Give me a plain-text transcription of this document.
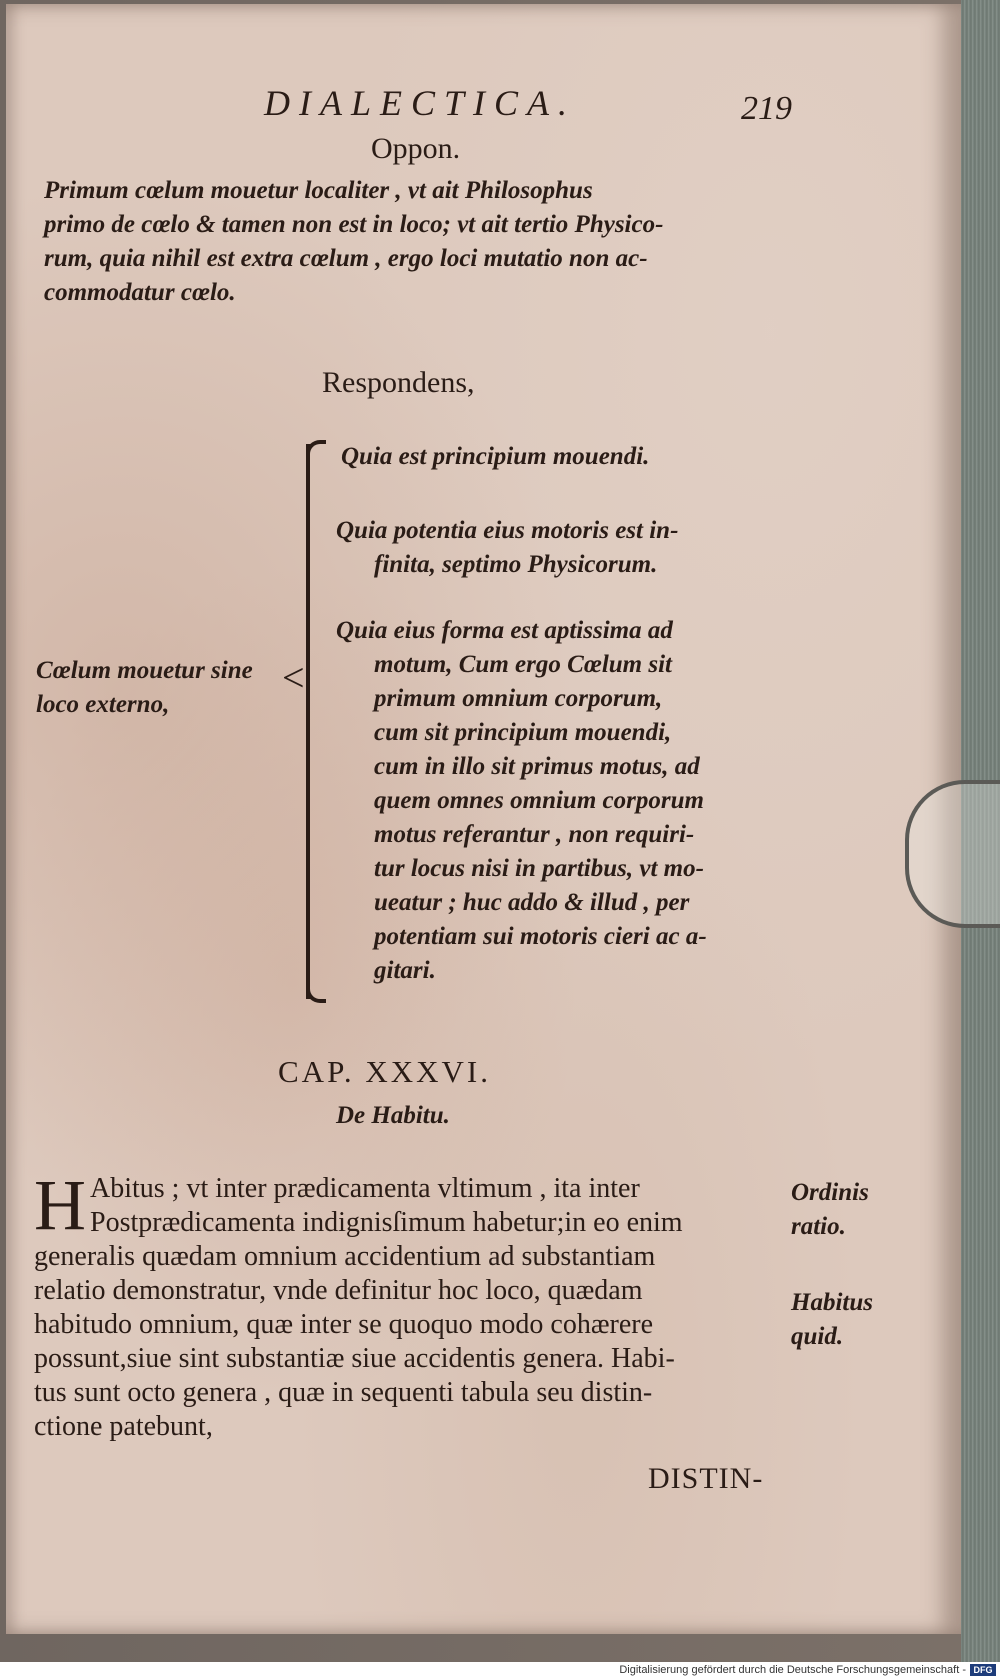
DIALECTICA.	219
Oppon.
Primum cœlum mouetur localiter , vt ait Philosophus
primo de cœlo & tamen non est in loco; vt ait tertio Physico-
rum, quia nihil est extra cœlum , ergo loci mutatio non ac-
commodatur cœlo.
Respondens,
Cœlum mouetur sine
loco externo,
<
Quia est principium mouendi.
Quia potentia eius motoris est in-
finita, septimo Physicorum.
Quia eius forma est aptissima ad
motum, Cum ergo Cœlum sit
primum omnium corporum,
cum sit principium mouendi,
cum in illo sit primus motus, ad
quem omnes omnium corporum
motus referantur , non requiri-
tur locus nisi in partibus, vt mo-
ueatur ; huc addo & illud , per
potentiam sui motoris cieri ac a-
gitari.
CAP. XXXVI.
De Habitu.
H Abitus ; vt inter prædicamenta vltimum , ita inter
Postprædicamenta indignisſimum habetur;in eo enim
generalis quædam omnium accidentium ad substantiam
relatio demonstratur, vnde definitur hoc loco, quædam
habitudo omnium, quæ inter se quoquo modo cohærere
possunt,siue sint substantiæ siue accidentis genera. Habi-
tus sunt octo genera , quæ in sequenti tabula seu distin-
ctione patebunt,
Ordinis
ratio.
Habitus
quid.
DISTIN-
Digitalisierung gefördert durch die Deutsche Forschungsgemeinschaft - DFG
